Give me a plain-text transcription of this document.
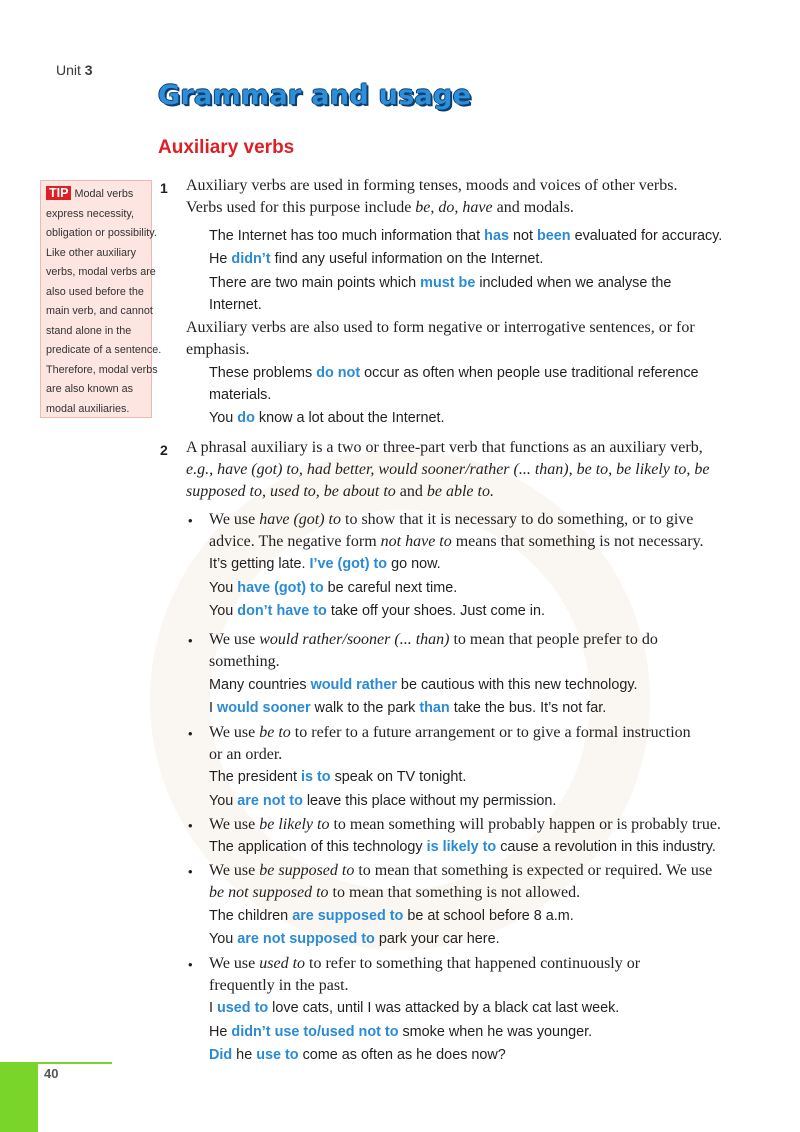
Unit 3
Grammar and usage
Auxiliary verbs
TIP Modal verbs
express necessity,
obligation or possibility.
Like other auxiliary
verbs, modal verbs are
also used before the
main verb, and cannot
stand alone in the
predicate of a sentence.
Therefore, modal verbs
are also known as
modal auxiliaries.
1 Auxiliary verbs are used in forming tenses, moods and voices of other verbs.
Verbs used for this purpose include be, do, have and modals.
The Internet has too much information that has not been evaluated for accuracy.
He didn’t find any useful information on the Internet.
There are two main points which must be included when we analyse the
Internet.
Auxiliary verbs are also used to form negative or interrogative sentences, or for
emphasis.
These problems do not occur as often when people use traditional reference
materials.
You do know a lot about the Internet.
2 A phrasal auxiliary is a two or three-part verb that functions as an auxiliary verb,
e.g., have (got) to, had better, would sooner/rather (... than), be to, be likely to, be
supposed to, used to, be about to and be able to.
• We use have (got) to to show that it is necessary to do something, or to give
advice. The negative form not have to means that something is not necessary.
It’s getting late. I’ve (got) to go now.
You have (got) to be careful next time.
You don’t have to take off your shoes. Just come in.
• We use would rather/sooner (... than) to mean that people prefer to do
something.
Many countries would rather be cautious with this new technology.
I would sooner walk to the park than take the bus. It’s not far.
• We use be to to refer to a future arrangement or to give a formal instruction
or an order.
The president is to speak on TV tonight.
You are not to leave this place without my permission.
• We use be likely to to mean something will probably happen or is probably true.
The application of this technology is likely to cause a revolution in this industry.
• We use be supposed to to mean that something is expected or required. We use
be not supposed to to mean that something is not allowed.
The children are supposed to be at school before 8 a.m.
You are not supposed to park your car here.
• We use used to to refer to something that happened continuously or
frequently in the past.
I used to love cats, until I was attacked by a black cat last week.
He didn’t use to/used not to smoke when he was younger.
Did he use to come as often as he does now?
40
